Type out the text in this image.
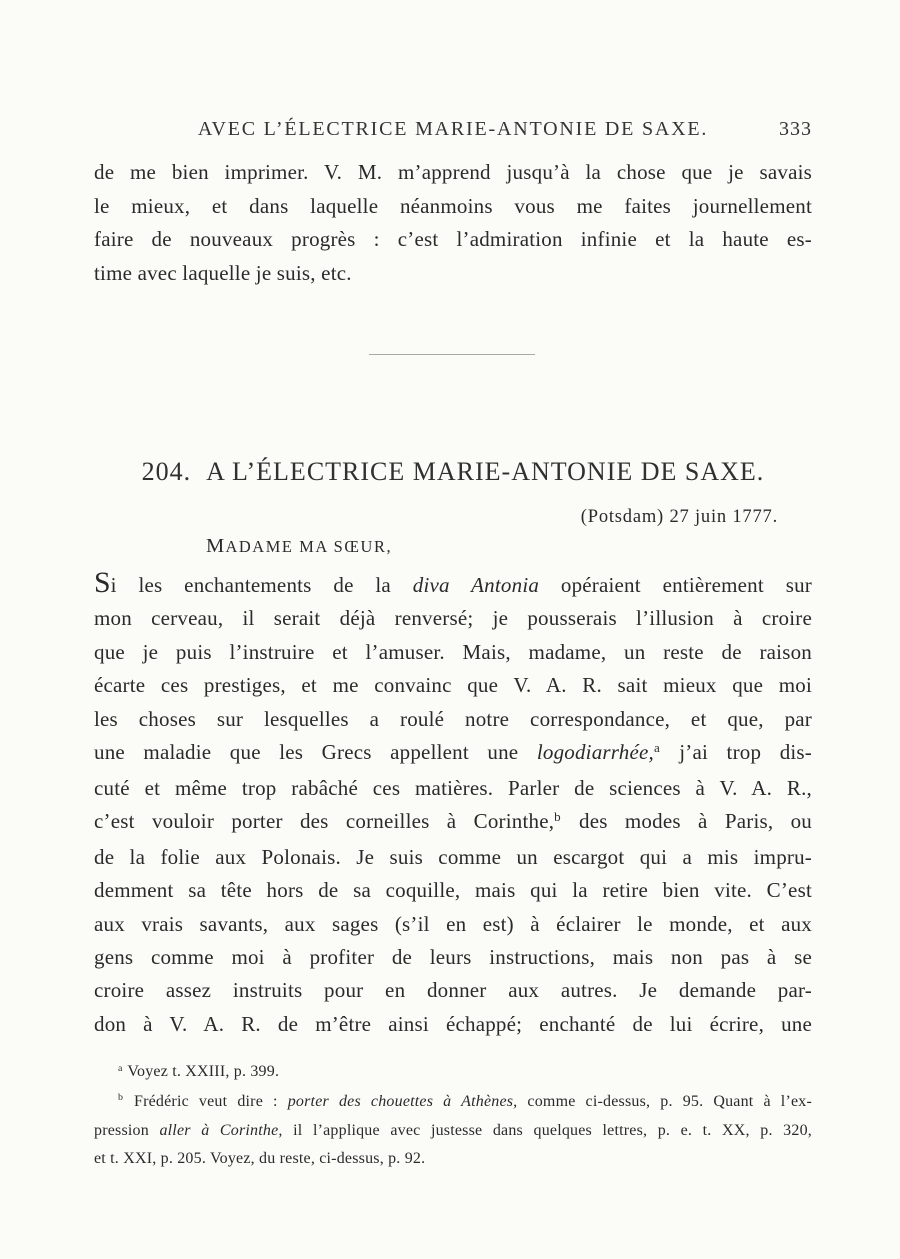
AVEC L’ÉLECTRICE MARIE-ANTONIE DE SAXE.	333
de me bien imprimer. V. M. m’apprend jusqu’à la chose que je savais
le mieux, et dans laquelle néanmoins vous me faites journellement
faire de nouveaux progrès : c’est l’admiration infinie et la haute es-
time avec laquelle je suis, etc.
204.  A L’ÉLECTRICE MARIE-ANTONIE DE SAXE.
(Potsdam) 27 juin 1777.
MADAME MA SŒUR,
Si les enchantements de la diva Antonia opéraient entièrement sur
mon cerveau, il serait déjà renversé; je pousserais l’illusion à croire
que je puis l’instruire et l’amuser. Mais, madame, un reste de raison
écarte ces prestiges, et me convainc que V. A. R. sait mieux que moi
les choses sur lesquelles a roulé notre correspondance, et que, par
une maladie que les Grecs appellent une logodiarrhée,$^a$ j’ai trop dis-
cuté et même trop rabâché ces matières. Parler de sciences à V. A. R.,
c’est vouloir porter des corneilles à Corinthe,$^b$ des modes à Paris, ou
de la folie aux Polonais. Je suis comme un escargot qui a mis impru-
demment sa tête hors de sa coquille, mais qui la retire bien vite. C’est
aux vrais savants, aux sages (s’il en est) à éclairer le monde, et aux
gens comme moi à profiter de leurs instructions, mais non pas à se
croire assez instruits pour en donner aux autres. Je demande par-
don à V. A. R. de m’être ainsi échappé; enchanté de lui écrire, une
$^a$ Voyez t. XXIII, p. 399.
$^b$ Frédéric veut dire : porter des chouettes à Athènes, comme ci-dessus, p. 95. Quant à l’ex-
pression aller à Corinthe, il l’applique avec justesse dans quelques lettres, p. e. t. XX, p. 320,
et t. XXI, p. 205. Voyez, du reste, ci-dessus, p. 92.
